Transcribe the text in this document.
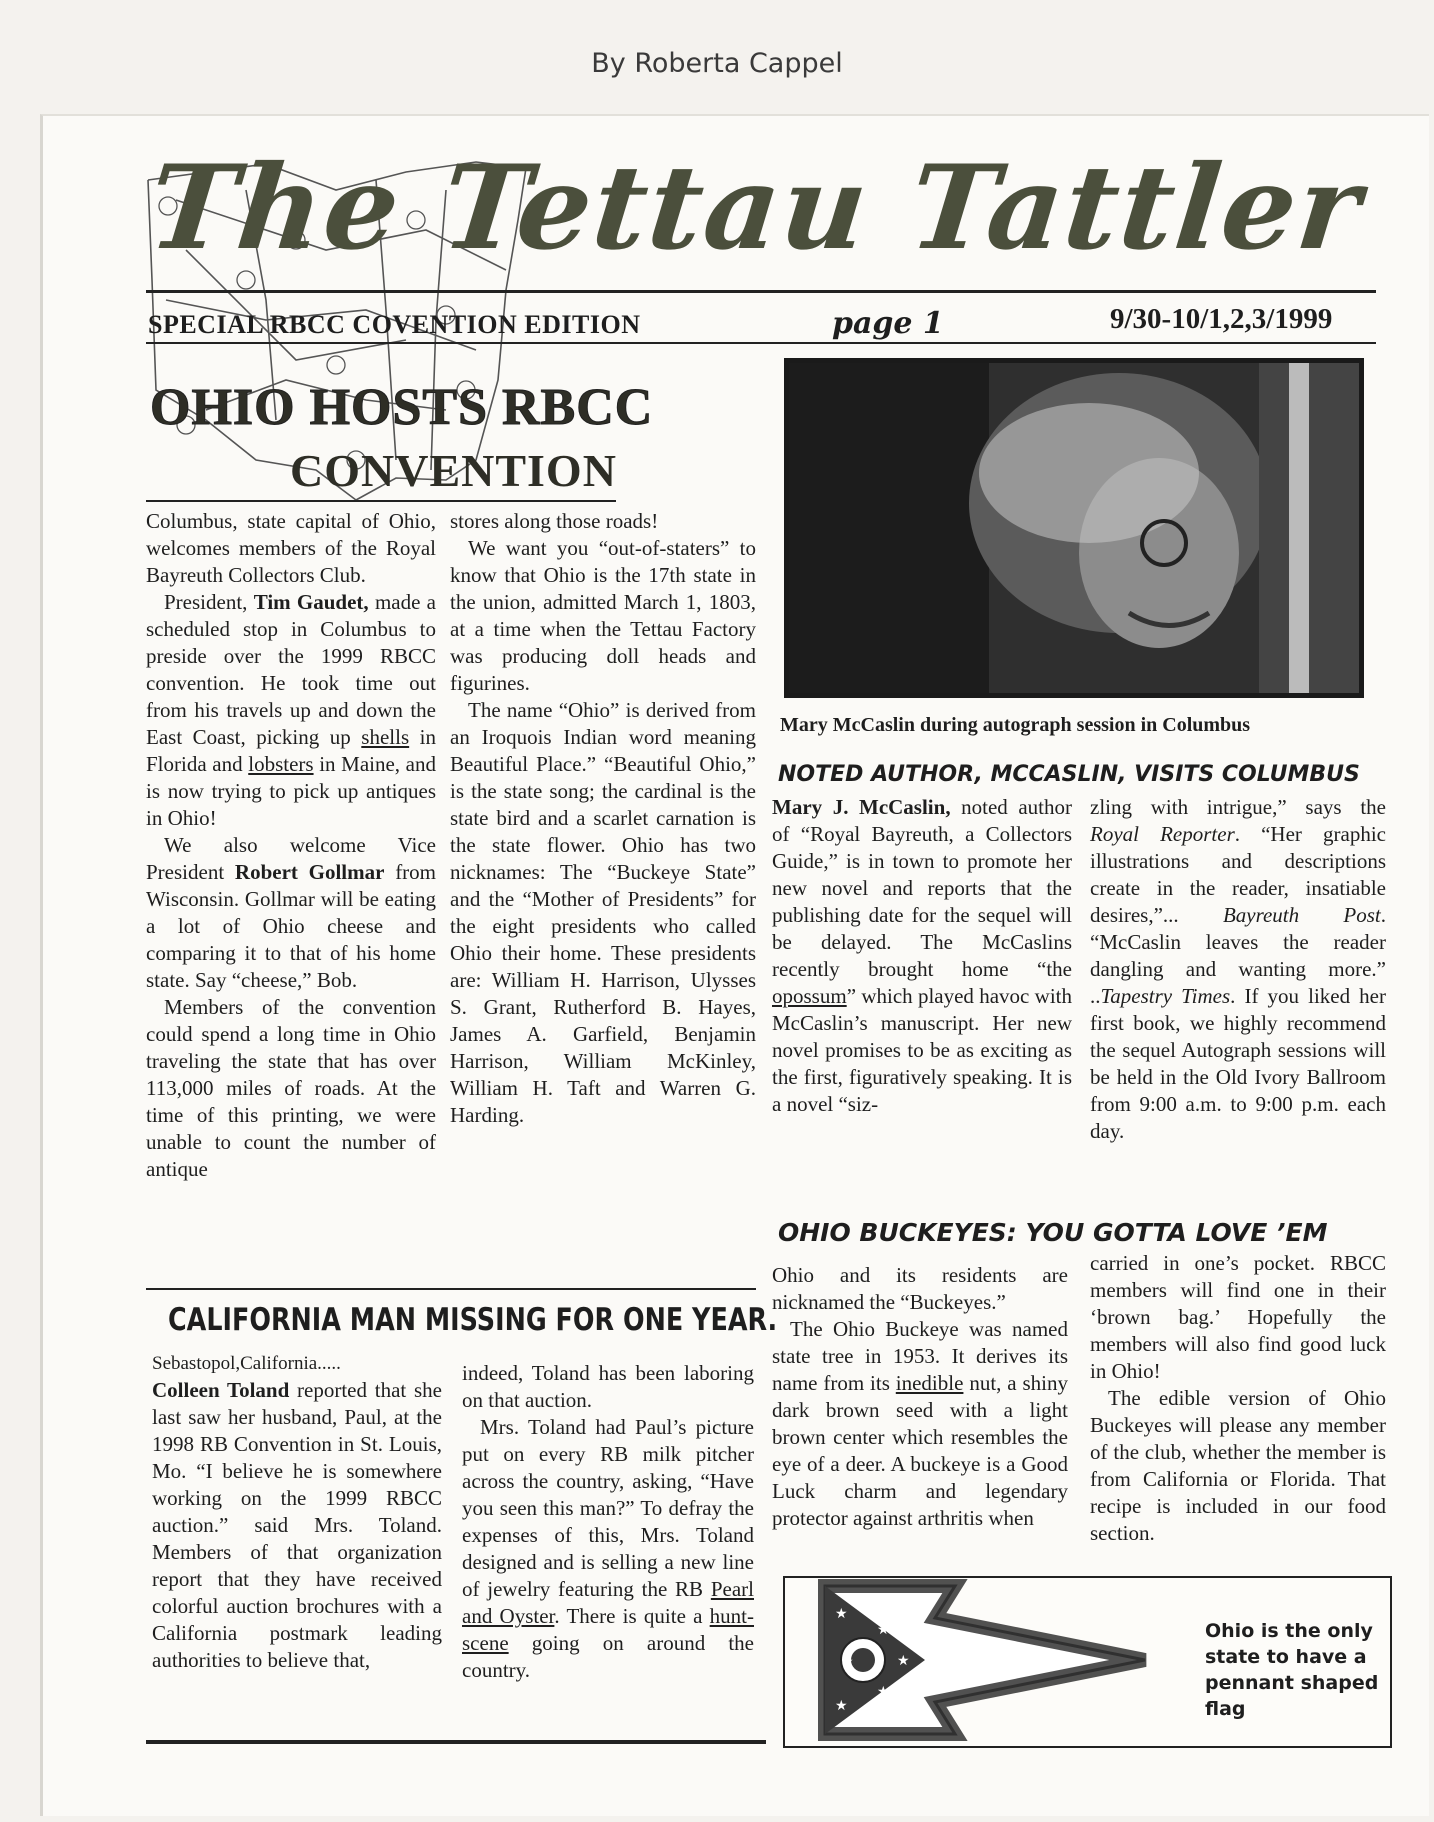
By Roberta Cappel
The Tettau Tattler
SPECIAL RBCC COVENTION EDITION	page 1	9/30-10/1,2,3/1999
OHIO HOSTS RBCC
CONVENTION

Columbus, state capital of Ohio, welcomes members of the Royal Bayreuth Collectors Club.

President, Tim Gaudet, made a scheduled stop in Columbus to preside over the 1999 RBCC convention. He took time out from his travels up and down the East Coast, picking up shells in Florida and lobsters in Maine, and is now trying to pick up antiques in Ohio!

We also welcome Vice President Robert Gollmar from Wisconsin. Gollmar will be eating a lot of Ohio cheese and comparing it to that of his home state. Say “cheese,” Bob.

Members of the convention could spend a long time in Ohio traveling the state that has over 113,000 miles of roads. At the time of this printing, we were unable to count the number of antique

stores along those roads!

We want you “out-of-staters” to know that Ohio is the 17th state in the union, admitted March 1, 1803, at a time when the Tettau Factory was producing doll heads and figurines.

The name “Ohio” is derived from an Iroquois Indian word meaning Beautiful Place.” “Beautiful Ohio,” is the state song; the cardinal is the state bird and a scarlet carnation is the state flower. Ohio has two nicknames: The “Buckeye State” and the “Mother of Presidents” for the eight presidents who called Ohio their home. These presidents are: William H. Harrison, Ulysses S. Grant, Rutherford B. Hayes, James A. Garfield, Benjamin Harrison, William McKinley, William H. Taft and Warren G. Harding.

Mary McCaslin during autograph session in Columbus
NOTED AUTHOR, MCCASLIN, VISITS COLUMBUS

Mary J. McCaslin, noted author of “Royal Bayreuth, a Collectors Guide,” is in town to promote her new novel and reports that the publishing date for the sequel will be delayed. The McCaslins recently brought home “the opossum” which played havoc with McCaslin’s manuscript. Her new novel promises to be as exciting as the first, figuratively speaking. It is a novel “siz-

zling with intrigue,” says the Royal Reporter. “Her graphic illustrations and descriptions create in the reader, insatiable desires,”... Bayreuth Post. “McCaslin leaves the reader dangling and wanting more.” ..Tapestry Times. If you liked her first book, we highly recommend the sequel Autograph sessions will be held in the Old Ivory Ballroom from 9:00 a.m. to 9:00 p.m. each day.

OHIO BUCKEYES: YOU GOTTA LOVE ’EM

Ohio and its residents are nicknamed the “Buckeyes.”

The Ohio Buckeye was named state tree in 1953. It derives its name from its inedible nut, a shiny dark brown seed with a light brown center which resembles the eye of a deer. A buckeye is a Good Luck charm and legendary protector against arthritis when

carried in one’s pocket. RBCC members will find one in their ‘brown bag.’ Hopefully the members will also find good luck in Ohio!

The edible version of Ohio Buckeyes will please any member of the club, whether the member is from California or Florida. That recipe is included in our food section.

CALIFORNIA MAN MISSING FOR ONE YEAR.

Sebastopol,California.....

Colleen Toland reported that she last saw her husband, Paul, at the 1998 RB Convention in St. Louis, Mo. “I believe he is somewhere working on the 1999 RBCC auction.” said Mrs. Toland. Members of that organization report that they have received colorful auction brochures with a California postmark leading authorities to believe that,

indeed, Toland has been laboring on that auction.

Mrs. Toland had Paul’s picture put on every RB milk pitcher across the country, asking, “Have you seen this man?” To defray the expenses of this, Mrs. Toland designed and is selling a new line of jewelry featuring the RB Pearl and Oyster. There is quite a hunt-scene going on around the country.

★
★
★
★
★
★
Ohio is the only state to have a pennant shaped flag
